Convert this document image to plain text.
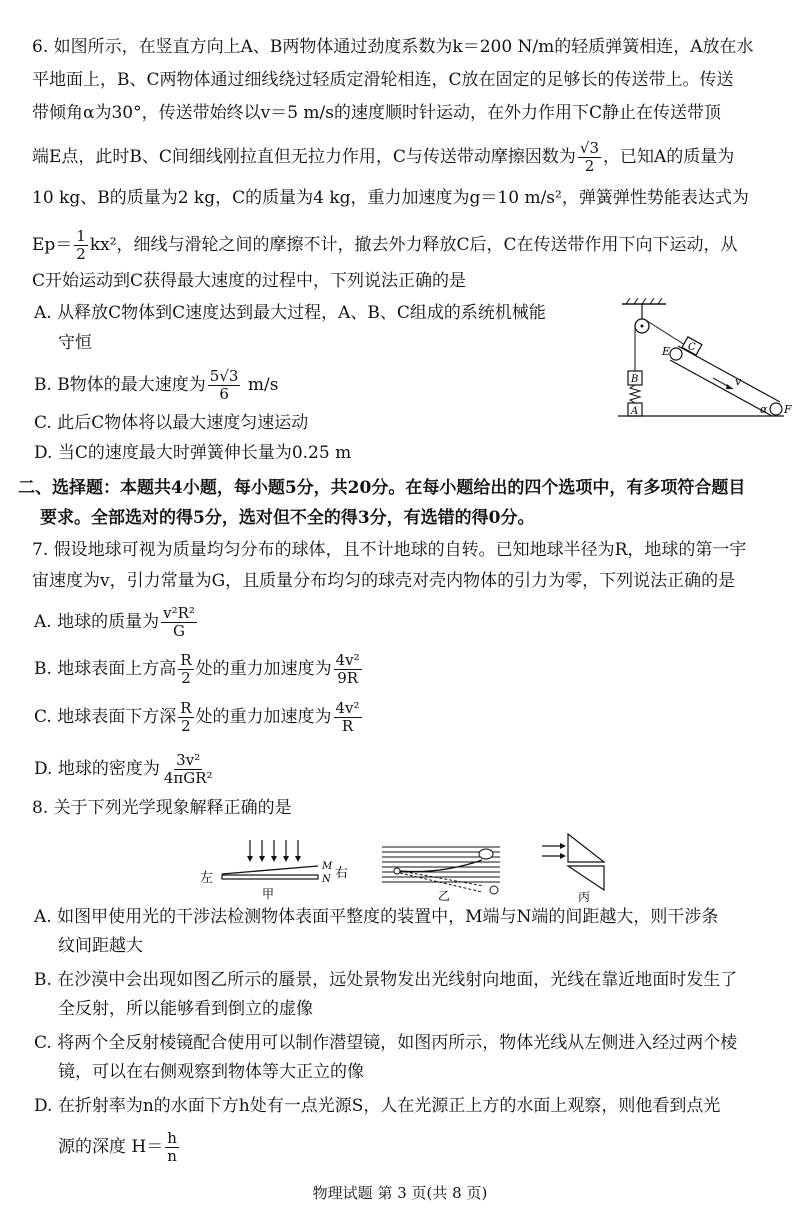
6. 如图所示，在竖直方向上A、B两物体通过劲度系数为k＝200 N/m的轻质弹簧相连，A放在水
平地面上，B、C两物体通过细线绕过轻质定滑轮相连，C放在固定的足够长的传送带上。传送
带倾角α为30°，传送带始终以v＝5 m/s的速度顺时针运动，在外力作用下C静止在传送带顶
端E点，此时B、C间细线刚拉直但无拉力作用，C与传送带动摩擦因数为 $\frac{√3}{2}$ ，已知A的质量为
10 kg、B的质量为2 kg，C的质量为4 kg，重力加速度为g＝10 m/s²，弹簧弹性势能表达式为
$Ep= \frac{1}{2} kx^2$，细线与滑轮之间的摩擦不计，撤去外力释放C后，C在传送带作用下向下运动，从
C开始运动到C获得最大速度的过程中，下列说法正确的是
A. 从释放C物体到C速度达到最大过程，A、B、C组成的系统机械能
守恒
B. B物体的最大速度为 $\frac{5√3}{6} m/s$
C. 此后C物体将以最大速度匀速运动
D. 当C的速度最大时弹簧伸长量为0.25 m
E C
B
A
v
α F
二、选择题：本题共4小题，每小题5分，共20分。在每小题给出的四个选项中，有多项符合题目
要求。全部选对的得5分，选对但不全的得3分，有选错的得0分。
7. 假设地球可视为质量均匀分布的球体，且不计地球的自转。已知地球半径为R，地球的第一宇
宙速度为v，引力常量为G，且质量分布均匀的球壳对壳内物体的引力为零，下列说法正确的是
A. 地球的质量为 $\frac{\text{v²R²}}{G}$
B. 地球表面上方高 $\frac{R}{2}$ 处的重力加速度为 $\frac{\text{4v²}}{9R}$
C. 地球表面下方深 $\frac{R}{2}$ 处的重力加速度为 $\frac{\text{4v²}}{R}$
D. 地球的密度为 $\frac{\text{3v²}}{\text{4πGR²}}$
8. 关于下列光学现象解释正确的是
左
M
N 右
甲	乙	丙
A. 如图甲使用光的干涉法检测物体表面平整度的装置中，M端与N端的间距越大，则干涉条
纹间距越大
B. 在沙漠中会出现如图乙所示的蜃景，远处景物发出光线射向地面，光线在靠近地面时发生了
全反射，所以能够看到倒立的虚像
C. 将两个全反射棱镜配合使用可以制作潜望镜，如图丙所示，物体光线从左侧进入经过两个棱
镜，可以在右侧观察到物体等大正立的像
D. 在折射率为n的水面下方h处有一点光源S，人在光源正上方的水面上观察，则他看到点光
源的深度 $H= \frac{h}{n}$
物理试题 第 3 页(共 8 页)
